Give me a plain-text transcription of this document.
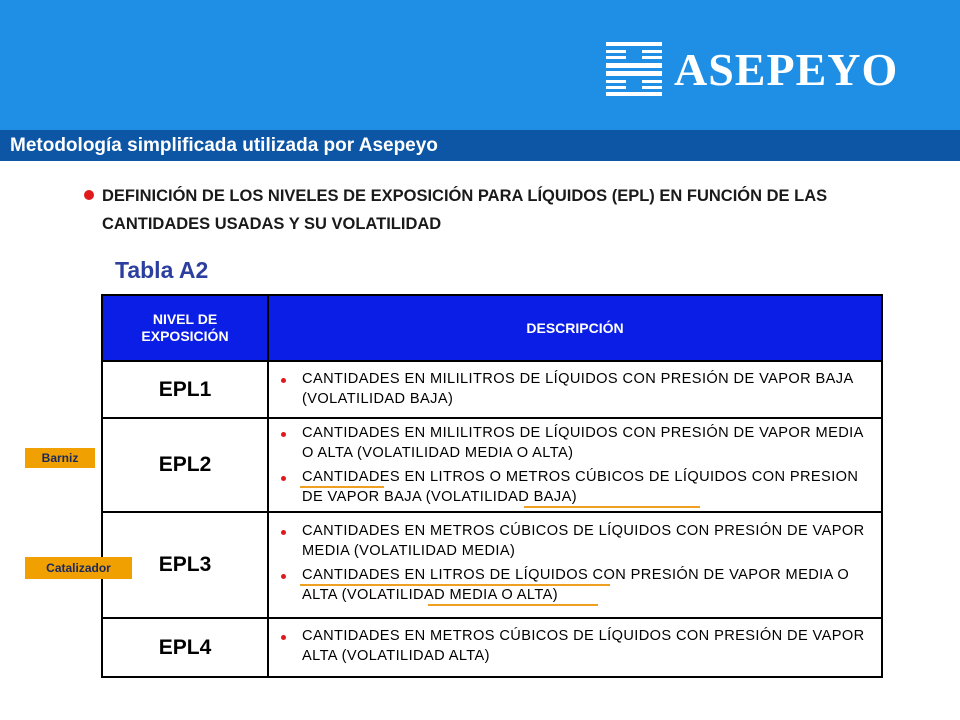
ASEPEYO
Metodología simplificada utilizada por Asepeyo
DEFINICIÓN DE LOS NIVELES DE EXPOSICIÓN PARA LÍQUIDOS (EPL) EN FUNCIÓN DE LAS CANTIDADES USADAS Y SU VOLATILIDAD
Tabla A2
NIVEL DE EXPOSICIÓN	DESCRIPCIÓN
EPL1	CANTIDADES EN MILILITROS DE LÍQUIDOS CON PRESIÓN DE VAPOR BAJA (VOLATILIDAD BAJA)
EPL2
CANTIDADES EN MILILITROS DE LÍQUIDOS CON PRESIÓN DE VAPOR MEDIA O ALTA (VOLATILIDAD MEDIA O ALTA)
CANTIDADES EN LITROS O METROS CÚBICOS DE LÍQUIDOS CON PRESION DE VAPOR BAJA (VOLATILIDAD BAJA)
EPL3
CANTIDADES EN METROS CÚBICOS DE LÍQUIDOS CON PRESIÓN DE VAPOR MEDIA (VOLATILIDAD MEDIA)
CANTIDADES EN LITROS DE LÍQUIDOS CON PRESIÓN DE VAPOR MEDIA O ALTA (VOLATILIDAD MEDIA O ALTA)
EPL4	CANTIDADES EN METROS CÚBICOS DE LÍQUIDOS CON PRESIÓN DE VAPOR ALTA (VOLATILIDAD ALTA)
Barniz
Catalizador
